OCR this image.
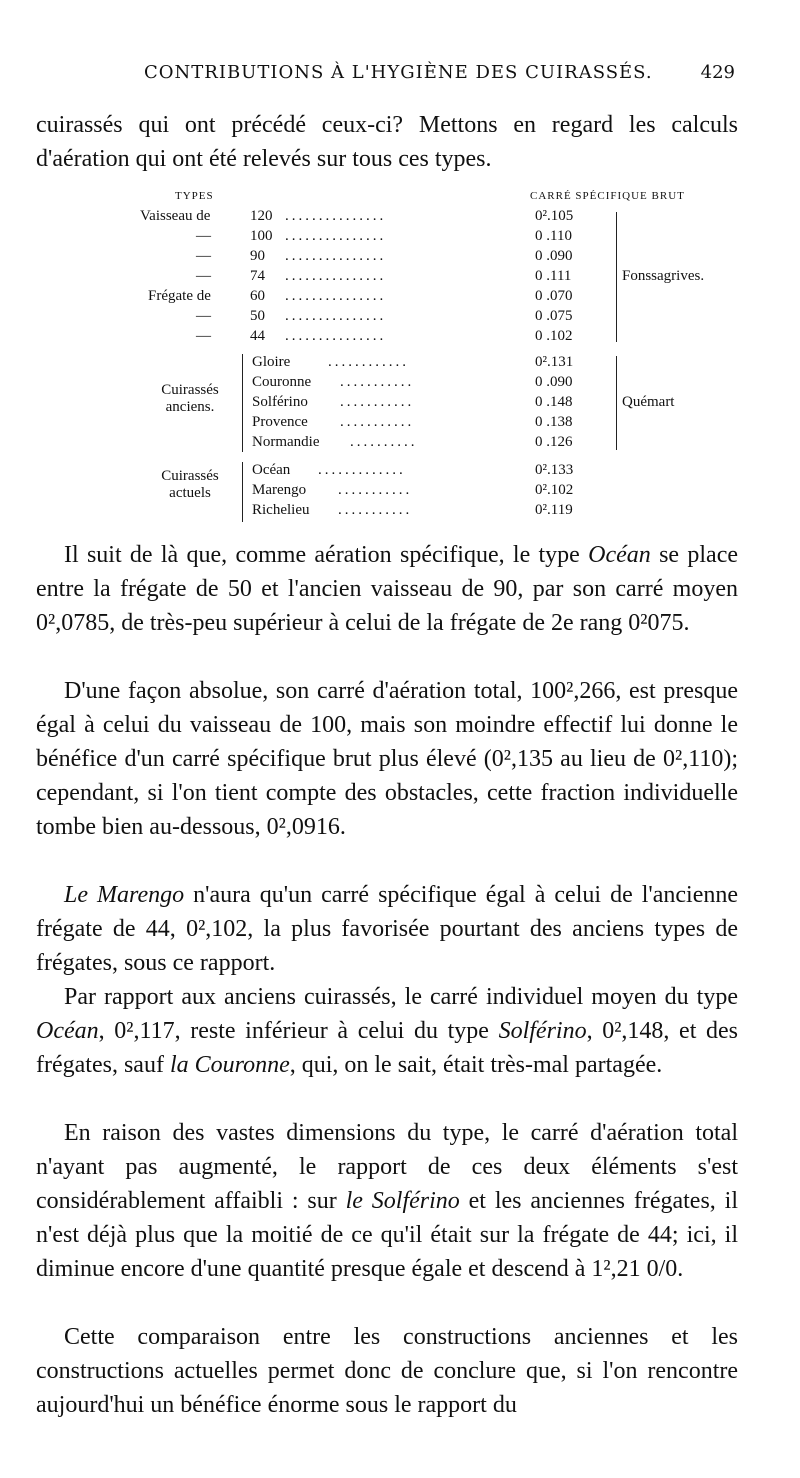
CONTRIBUTIONS À L'HYGIÈNE DES CUIRASSÉS.	429

cuirassés qui ont précédé ceux-ci? Mettons en regard les calculs d'aération qui ont été relevés sur tous ces types.

TYPES	CARRÉ SPÉCIFIQUE BRUT
Vaisseau de	120 ...............	0².105
—	100 ...............	0 .110
—	90 ...............	0 .090
—	74 ...............	0 .111
Frégate de	60 ...............	0 .070
—	50 ...............	0 .075
—	44 ...............	0 .102
Fonssagrives.
Cuirassés anciens.
Gloire	............	0².131
Couronne ...........	0 .090
Solférino ...........	0 .148
Provence ...........	0 .138
Normandie ..........	0 .126
Quémart
Cuirassés actuels
Océan .............	0².133
Marengo ...........	0².102
Richelieu ...........	0².119

Il suit de là que, comme aération spécifique, le type Océan se place entre la frégate de 50 et l'ancien vaisseau de 90, par son carré moyen 0²,0785, de très-peu supérieur à celui de la frégate de 2e rang 0²075.

D'une façon absolue, son carré d'aération total, 100²,266, est presque égal à celui du vaisseau de 100, mais son moindre effectif lui donne le bénéfice d'un carré spécifique brut plus élevé (0²,135 au lieu de 0²,110); cependant, si l'on tient compte des obstacles, cette fraction individuelle tombe bien au-dessous, 0²,0916.

Le Marengo n'aura qu'un carré spécifique égal à celui de l'ancienne frégate de 44, 0²,102, la plus favorisée pourtant des anciens types de frégates, sous ce rapport.

Par rapport aux anciens cuirassés, le carré individuel moyen du type Océan, 0²,117, reste inférieur à celui du type Solférino, 0²,148, et des frégates, sauf la Couronne, qui, on le sait, était très-mal partagée.

En raison des vastes dimensions du type, le carré d'aération total n'ayant pas augmenté, le rapport de ces deux éléments s'est considérablement affaibli : sur le Solférino et les anciennes frégates, il n'est déjà plus que la moitié de ce qu'il était sur la frégate de 44; ici, il diminue encore d'une quantité presque égale et descend à 1²,21 0/0.

Cette comparaison entre les constructions anciennes et les constructions actuelles permet donc de conclure que, si l'on rencontre aujourd'hui un bénéfice énorme sous le rapport du
